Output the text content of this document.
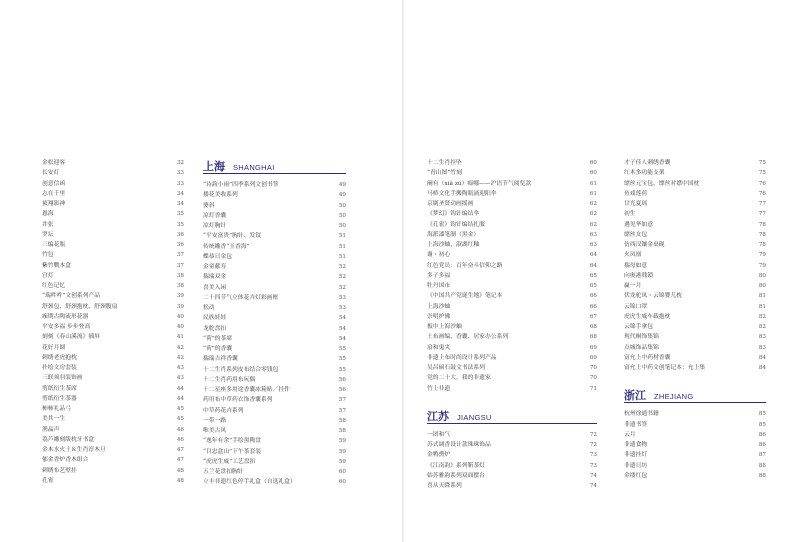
金松迎客	32
长安灯	33
创意信函	33
志在千里	34
祯翔影神	34
恩海	35
井张	35
罗坛	36
三编花瓶	36
竹包	37
紫竹戰本盒	37
宫灯	38
红色记忆	38
“瑞吽吽”文创系列产品	39
舒颈包、舒颈抱枕、舒颈腹扇	39
痂期古陶流形花器	40
平安多福 步步登高	40
刻刻《春山溪流》插屏	41
花好月圆	42
刺绣老虎抱枕	42
扑绘文房套装	43
三联须羽装饰画	43
剪纸衍生茶席	44
剪纸衍生茶器	44
柿柿礼品弓	45
美其一生	45
渔晶声	46
荔芦雕刻版枕牙书盒	46
金木水火土＆生肖淳木旦	47
郁金香炉香木组合	47
刺绣布艺壁挂	48
孔雀	48
上海 SHANGHAI
“诗韵小雨”四季系列文创书签	49
搂花美收系列	49
婆斜	50
凉灯香囊	50
凉灯胸针	50
“平安富贵”胸针、发钗	51
传统雕香“玉香海”	51
蝶恭日金包	51
金童献寿	52
揣瑞双金	52
喜美入闲	52
二十四节气立体花卉灯彩画框	53
松动	53
民族娃娃	54
龙舵盘扣	54
“荷”的茶席	54
“荷”的香囊	55
揣瑞吉祥香囊	55
十二生肖系列皮布结合零钱包	55
十二生肖药用布玩偶	56
十二星座多用途香囊冰箱贴／挂件	56
药用布中草药衣饰香囊系列	57
中草药花卉系列	57
一带一路	58
唯美古风	58
“逸年有余”手绘黑陶盘	59
“目忠盒山”下午茶套装	59
“虎虎生威”工艺盘扣	59
五兰花盘扣胸针	60
立丰非遗红色停手礼盒（自选礼盒）	60
十二生肖挂坠	60
“青山图”竹刻	60
阑有（xiǎ zú）痴哪——沪语节气阅览款	61
马桥文化手搬陶瓶涌迎阳伞	61
京剧圣贤动画摇画	62
《梦幻》钩针编结伞	62
《孔雀》钩针编结扎服	62
海派漆笔制（黑金）	63
上海沙蚰、淑湖红釉	63
谢・初心	64
红色党员：百年奋斗信仰之路	64
多子多福	65
牡丹国市	65
《中国共产党诞生地》笔记本	66
上海沙蚰	66
崇明护佛	67
板中上海沙蚰	68
土布画编、香囊、居家办公系列	68
扇和鬼夹	69
非遗上布时尚设计系列产品	69
吴昌硕石鼓文书法系列	70
党的二十大，我的非遗家	70
竹上非遗	71
江苏 JIANGSU
一团和气	72
苏式调香设计款珠珠饰品	72
金鸭熏炉	73
《江南韵》系列靳茶灯	73
姑苏雅韵系列双面摆台	74
喜从天降系列	74
才子佳人刺绣香囊	75
红木多功能支架	75
缥丝元宝包、缥丝对襟中国枕	76
鱼戏莲荷	76
甘光夏瑶	77
初生	77
遇见华如意	78
缥丝女包	78
仿西汉镶金桌砚	78
火凤凰	79
揣母如意	79
向奥港戟锁	80
赢一月	80
伏龙驼凤・云锦婴儿枕	81
云锦口罩	81
虎虎生威车载抱枕	82
云锦手拿包	82
现代桐饰集锦	83
点城饰品集锦	83
富允上中药材香囊	84
富允上中药文创笔记本：允上集	84
浙江 ZHEJIANG
杭州徐通书籍	85
非遗书签	85
云月	86
非遗食物	86
非遗挂灯	87
非遗日坊	88
金缕红包	88
